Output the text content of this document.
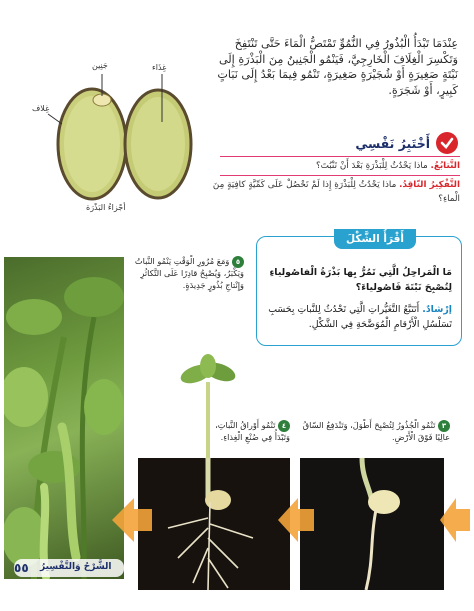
عِنْدَمَا تَبْدَأُ الْبُذُورُ فِي النُّمُوِّ تَمْتَصُّ الْمَاءَ حَتَّى تَنْتَفِخَ وَتَكْسِرَ الْغِلَافَ الْخَارِجِيَّ، فَيَنْمُو الْجَنِينُ مِنَ الْبَذْرَةِ إِلَى نَبْتَةٍ صَغِيرَةٍ أَوْ شُجَيْرَةٍ صَغِيرَةٍ، تَنْمُو فِيمَا بَعْدُ إِلَى نَبَاتٍ كَبِيرٍ، أَوْ شَجَرَةٍ.
جَنِين	غِذَاء
غِلاف
أجْزاءُ البَذْرَة
أَخْتَبِرُ نَفْسِي
التَّتابُعُ. ماذا يَحْدُثُ لِلْبَذْرَةِ بَعْدَ أَنْ تَنْبُتَ؟
التَّفْكِيرُ النّاقِدُ. ماذا يَحْدُثُ لِلْبَذْرَةِ إِذا لَمْ تَحْصُلْ عَلَى كَمِّيَّةٍ كافِيَةٍ مِنَ الْماءِ؟
أَقْرَأُ الشَّكْلَ
مَا الْمَراحِلُ الَّتِي تَمُرُّ بِها بَذْرَةُ الْفاصُولياءِ لِتُصْبِحَ نَبْتَةَ فَاصُولياءَ؟
إرْشادٌ. أَتَتَبَّعُ التَّغَيُّراتِ الَّتِي تَحْدُثُ لِلنَّباتِ بِحَسَبِ تَسَلْسُلِ الْأَرْقامِ الْمُوَضَّحَةِ فِي الشَّكْلِ.
٥ وَمَعَ مُرُورِ الْوَقْتِ يَنْمُو النَّباتُ وَيَكْبَرُ، وَيُصْبِحُ قادِرًا عَلَى التَّكاثُرِ وَإِنْتاجِ بُذُورٍ جَدِيدَةٍ.
٤ تَنْمُو أَوْراقُ النَّباتِ، وَتَبْدَأُ فِي صُنْعِ الْغِذاءِ.
٣ تَنْمُو الْجُذُورُ لِتُصْبِحَ أَطْوَلَ، وَتَنْدَفِعُ السّاقُ عالِيًا فَوْقَ الْأَرْضِ.
٥٥ الشَّرْحُ وَالتَّفْسِيرُ
